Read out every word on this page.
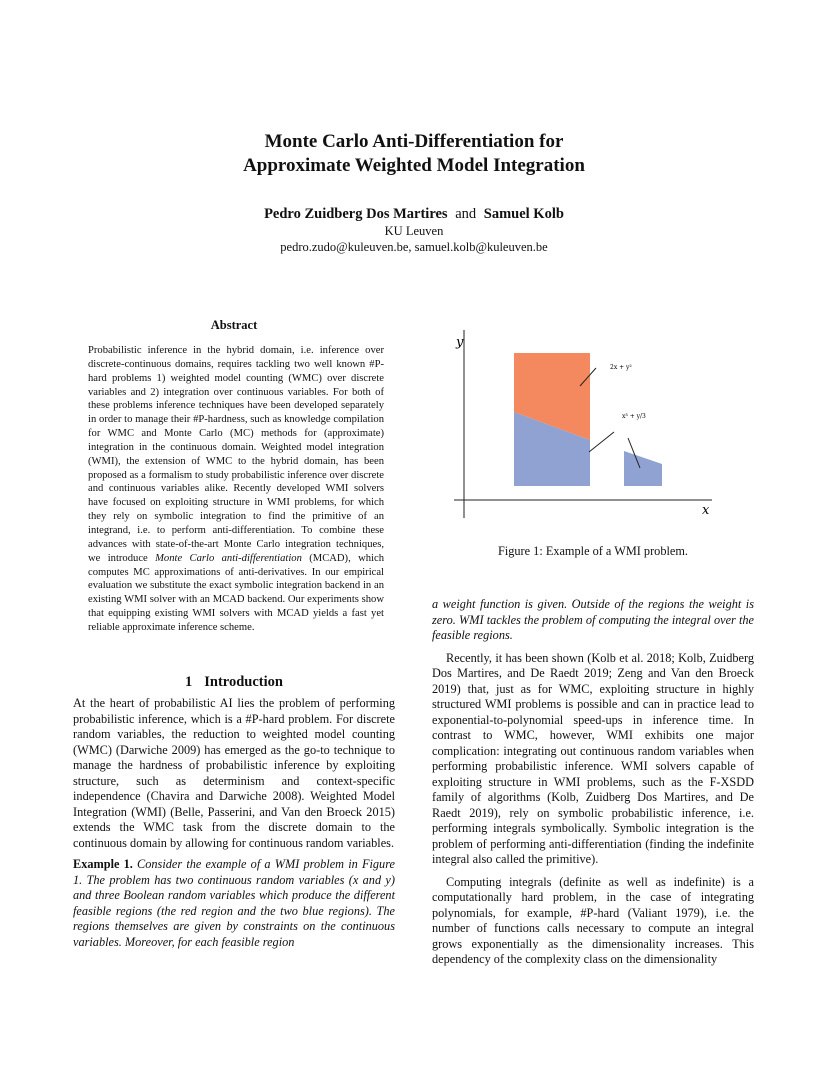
Monte Carlo Anti-Differentiation for
Approximate Weighted Model Integration
Pedro Zuidberg Dos Martires and Samuel Kolb
KU Leuven
pedro.zudo@kuleuven.be, samuel.kolb@kuleuven.be
Abstract
Probabilistic inference in the hybrid domain, i.e. inference over discrete-continuous domains, requires tackling two well known #P-hard problems 1) weighted model counting (WMC) over discrete variables and 2) integration over continuous variables. For both of these problems inference techniques have been developed separately in order to manage their #P-hardness, such as knowledge compilation for WMC and Monte Carlo (MC) methods for (approximate) integration in the continuous domain. Weighted model integration (WMI), the extension of WMC to the hybrid domain, has been proposed as a formalism to study probabilistic inference over discrete and continuous variables alike. Recently developed WMI solvers have focused on exploiting structure in WMI problems, for which they rely on symbolic integration to find the primitive of an integrand, i.e. to perform anti-differentiation. To combine these advances with state-of-the-art Monte Carlo integration techniques, we introduce Monte Carlo anti-differentiation (MCAD), which computes MC approximations of anti-derivatives. In our empirical evaluation we substitute the exact symbolic integration backend in an existing WMI solver with an MCAD backend. Our experiments show that equipping existing WMI solvers with MCAD yields a fast yet reliable approximate inference scheme.
1 Introduction

At the heart of probabilistic AI lies the problem of performing probabilistic inference, which is a #P-hard problem. For discrete random variables, the reduction to weighted model counting (WMC) (Darwiche 2009) has emerged as the go-to technique to manage the hardness of probabilistic inference by exploiting structure, such as determinism and context-specific independence (Chavira and Darwiche 2008). Weighted Model Integration (WMI) (Belle, Passerini, and Van den Broeck 2015) extends the WMC task from the discrete domain to the continuous domain by allowing for continuous random variables.

Example 1. Consider the example of a WMI problem in Figure 1. The problem has two continuous random variables (x and y) and three Boolean random variables which produce the different feasible regions (the red region and the two blue regions). The regions themselves are given by constraints on the continuous variables. Moreover, for each feasible region

y
x
2x + y²
x³ + y/3
Figure 1: Example of a WMI problem.

a weight function is given. Outside of the regions the weight is zero. WMI tackles the problem of computing the integral over the feasible regions.

Recently, it has been shown (Kolb et al. 2018; Kolb, Zuidberg Dos Martires, and De Raedt 2019; Zeng and Van den Broeck 2019) that, just as for WMC, exploiting structure in highly structured WMI problems is possible and can in practice lead to exponential-to-polynomial speed-ups in inference time. In contrast to WMC, however, WMI exhibits one major complication: integrating out continuous random variables when performing probabilistic inference. WMI solvers capable of exploiting structure in WMI problems, such as the F-XSDD family of algorithms (Kolb, Zuidberg Dos Martires, and De Raedt 2019), rely on symbolic probabilistic inference, i.e. performing integrals symbolically. Symbolic integration is the problem of performing anti-differentiation (finding the indefinite integral also called the primitive).

Computing integrals (definite as well as indefinite) is a computationally hard problem, in the case of integrating polynomials, for example, #P-hard (Valiant 1979), i.e. the number of functions calls necessary to compute an integral grows exponentially as the dimensionality increases. This dependency of the complexity class on the dimensionality
